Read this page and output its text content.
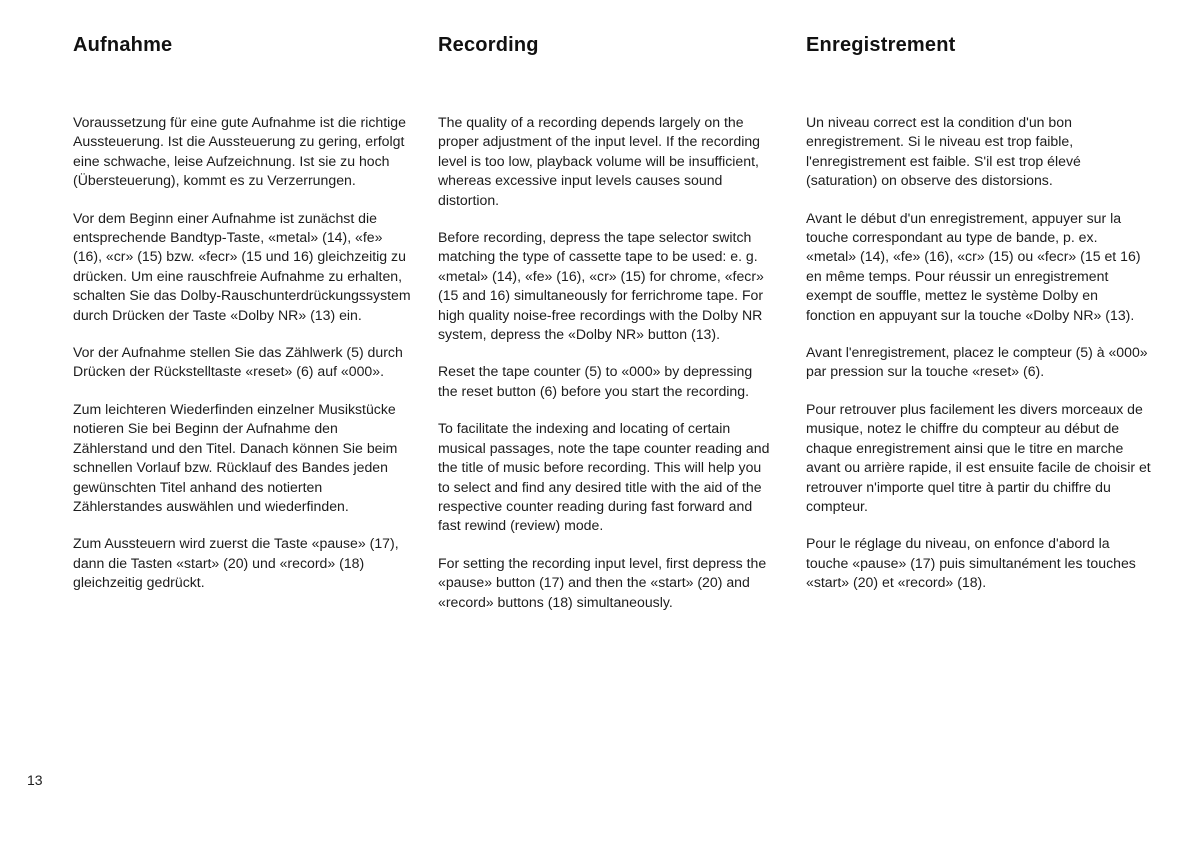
Aufnahme

Voraussetzung für eine gute Aufnahme ist die richtige Aussteuerung. Ist die Aussteuerung zu gering, erfolgt eine schwache, leise Aufzeichnung. Ist sie zu hoch (Übersteuerung), kommt es zu Verzerrungen.

Vor dem Beginn einer Aufnahme ist zunächst die entsprechende Bandtyp-Taste, «metal» (14), «fe» (16), «cr» (15) bzw. «fecr» (15 und 16) gleichzeitig zu drücken. Um eine rauschfreie Aufnahme zu erhalten, schalten Sie das Dolby-Rauschunterdrückungssystem durch Drücken der Taste «Dolby NR» (13) ein.

Vor der Aufnahme stellen Sie das Zählwerk (5) durch Drücken der Rückstelltaste «reset» (6) auf «000».

Zum leichteren Wiederfinden einzelner Musikstücke notieren Sie bei Beginn der Aufnahme den Zählerstand und den Titel. Danach können Sie beim schnellen Vorlauf bzw. Rücklauf des Bandes jeden gewünschten Titel anhand des notierten Zählerstandes auswählen und wiederfinden.

Zum Aussteuern wird zuerst die Taste «pause» (17), dann die Tasten «start» (20) und «record» (18) gleichzeitig gedrückt.

Recording

The quality of a recording depends largely on the proper adjustment of the input level. If the recording level is too low, playback volume will be insufficient, whereas excessive input levels causes sound distortion.

Before recording, depress the tape selector switch matching the type of cassette tape to be used: e. g. «metal» (14), «fe» (16), «cr» (15) for chrome, «fecr» (15 and 16) simultaneously for ferrichrome tape. For high quality noise-free recordings with the Dolby NR system, depress the «Dolby NR» button (13).

Reset the tape counter (5) to «000» by depressing the reset button (6) before you start the recording.

To facilitate the indexing and locating of certain musical passages, note the tape counter reading and the title of music before recording. This will help you to select and find any desired title with the aid of the respective counter reading during fast forward and fast rewind (review) mode.

For setting the recording input level, first depress the «pause» button (17) and then the «start» (20) and «record» buttons (18) simultaneously.

Enregistrement

Un niveau correct est la condition d'un bon enregistrement. Si le niveau est trop faible, l'enregistrement est faible. S'il est trop élevé (saturation) on observe des distorsions.

Avant le début d'un enregistrement, appuyer sur la touche correspondant au type de bande, p. ex. «metal» (14), «fe» (16), «cr» (15) ou «fecr» (15 et 16) en même temps. Pour réussir un enregistrement exempt de souffle, mettez le système Dolby en fonction en appuyant sur la touche «Dolby NR» (13).

Avant l'enregistrement, placez le compteur (5) à «000» par pression sur la touche «reset» (6).

Pour retrouver plus facilement les divers morceaux de musique, notez le chiffre du compteur au début de chaque enregistrement ainsi que le titre en marche avant ou arrière rapide, il est ensuite facile de choisir et retrouver n'importe quel titre à partir du chiffre du compteur.

Pour le réglage du niveau, on enfonce d'abord la touche «pause» (17) puis simultanément les touches «start» (20) et «record» (18).

13
